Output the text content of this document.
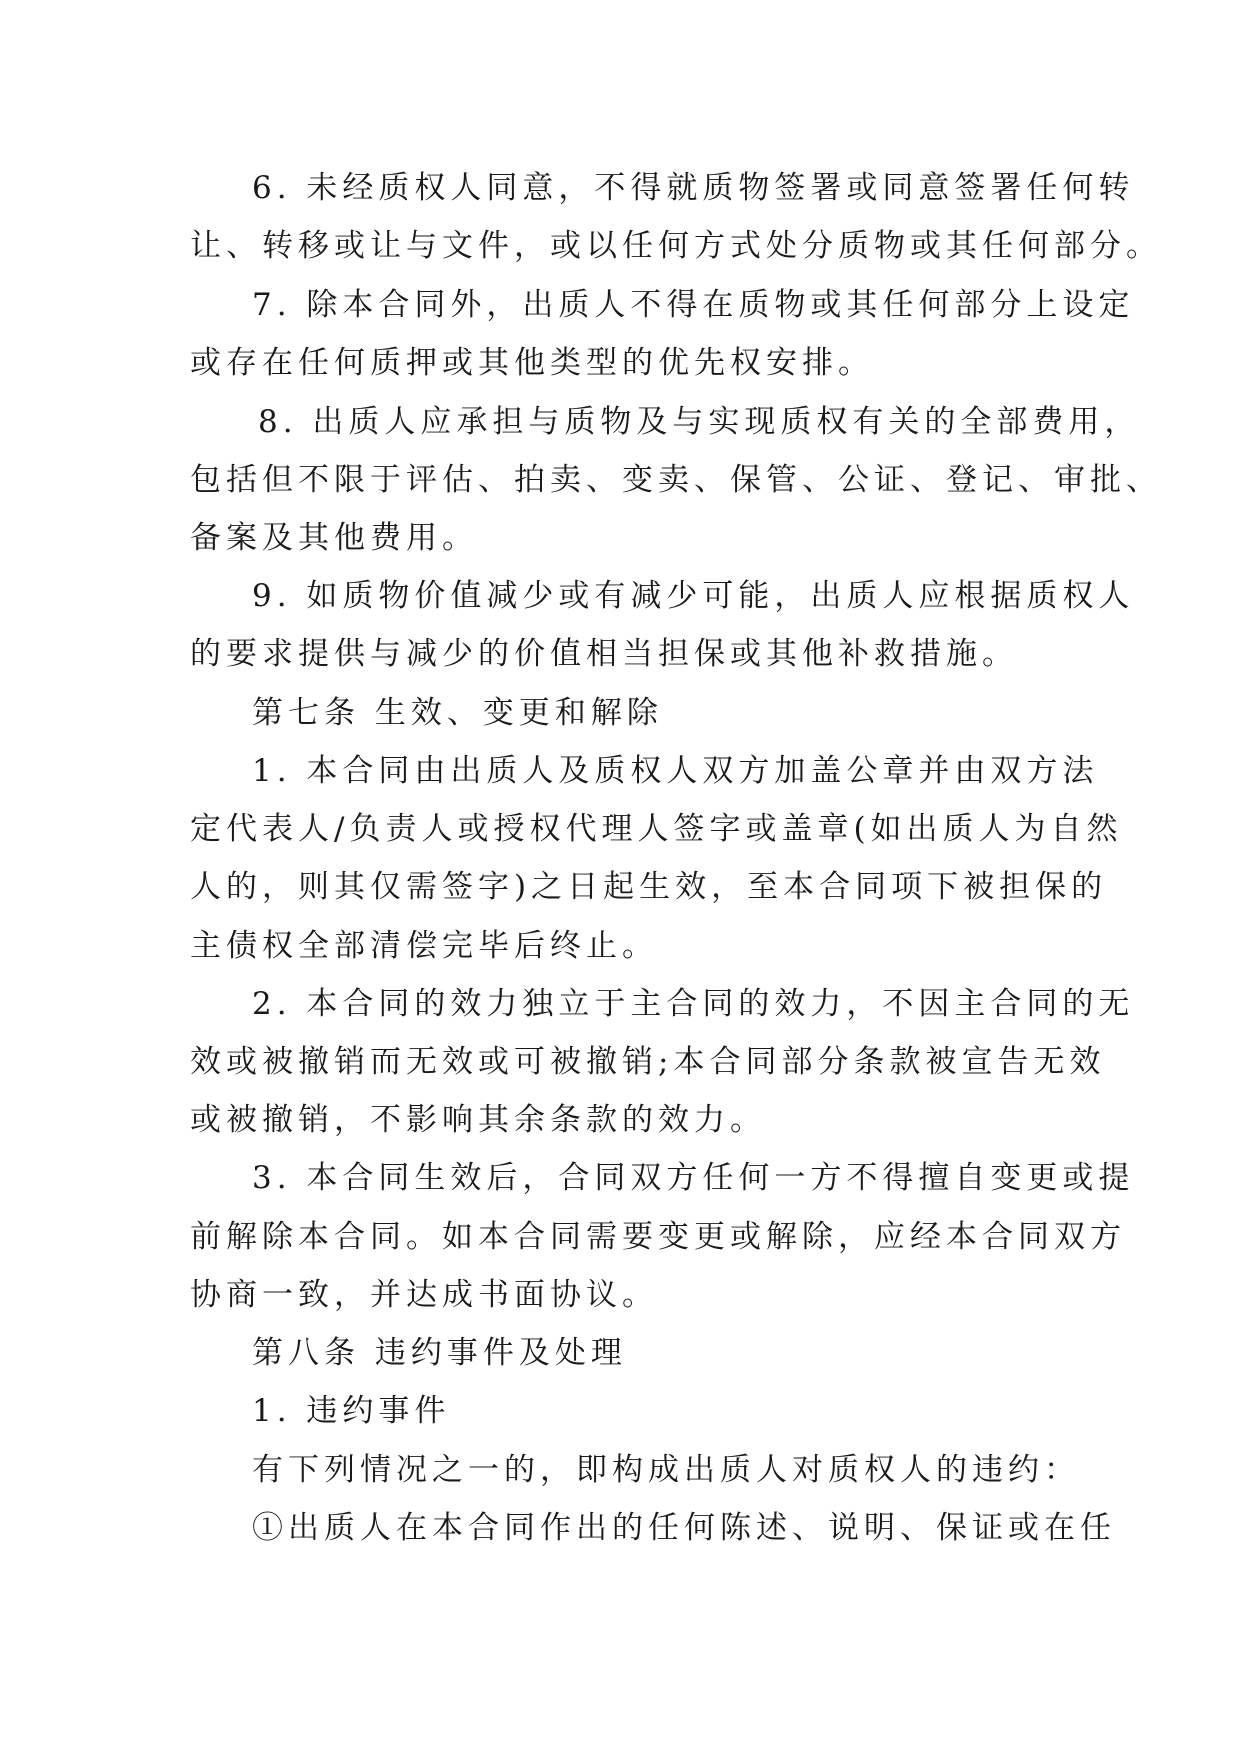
6. 未经质权人同意，不得就质物签署或同意签署任何转
让、转移或让与文件，或以任何方式处分质物或其任何部分。
7. 除本合同外，出质人不得在质物或其任何部分上设定
或存在任何质押或其他类型的优先权安排。
8. 出质人应承担与质物及与实现质权有关的全部费用，
包括但不限于评估、拍卖、变卖、保管、公证、登记、审批、
备案及其他费用。
9. 如质物价值减少或有减少可能，出质人应根据质权人
的要求提供与减少的价值相当担保或其他补救措施。
第七条 生效、变更和解除
1. 本合同由出质人及质权人双方加盖公章并由双方法
定代表人/负责人或授权代理人签字或盖章(如出质人为自然
人的，则其仅需签字)之日起生效，至本合同项下被担保的
主债权全部清偿完毕后终止。
2. 本合同的效力独立于主合同的效力，不因主合同的无
效或被撤销而无效或可被撤销;本合同部分条款被宣告无效
或被撤销，不影响其余条款的效力。
3. 本合同生效后，合同双方任何一方不得擅自变更或提
前解除本合同。如本合同需要变更或解除，应经本合同双方
协商一致，并达成书面协议。
第八条 违约事件及处理
1. 违约事件
有下列情况之一的，即构成出质人对质权人的违约：
①出质人在本合同作出的任何陈述、说明、保证或在任
